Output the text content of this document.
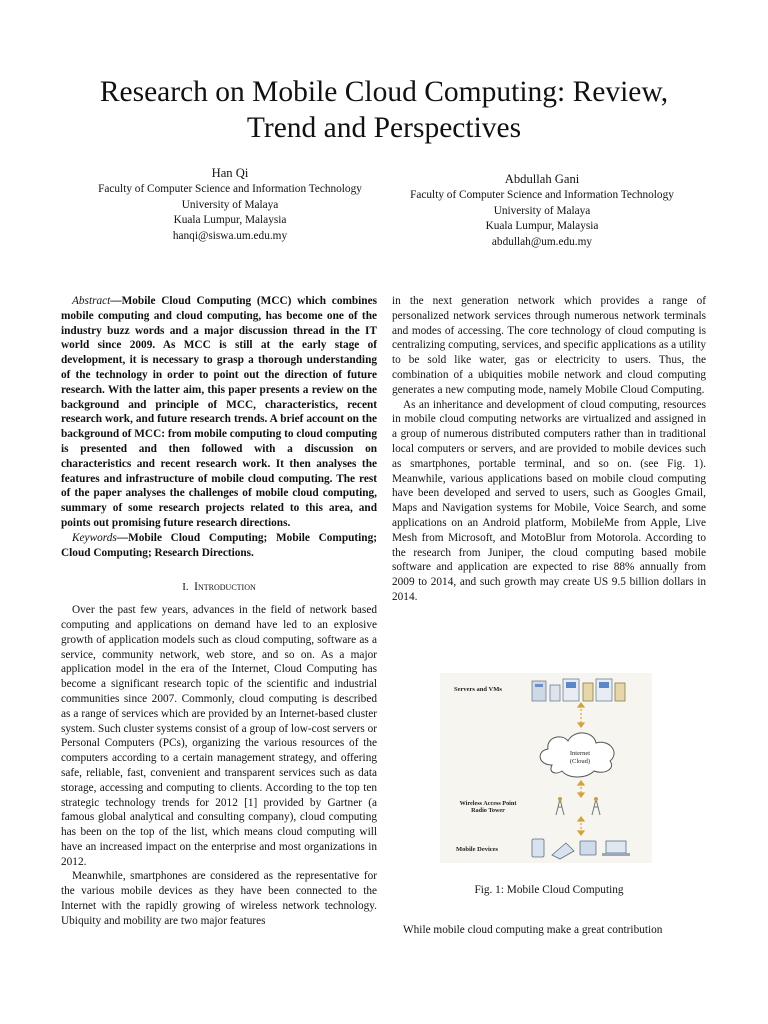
Research on Mobile Cloud Computing: Review,
Trend and Perspectives
Han Qi
Faculty of Computer Science and Information Technology
University of Malaya
Kuala Lumpur, Malaysia
hanqi@siswa.um.edu.my
Abdullah Gani
Faculty of Computer Science and Information Technology
University of Malaya
Kuala Lumpur, Malaysia
abdullah@um.edu.my

Abstract—Mobile Cloud Computing (MCC) which combines mobile computing and cloud computing, has become one of the industry buzz words and a major discussion thread in the IT world since 2009. As MCC is still at the early stage of development, it is necessary to grasp a thorough understanding of the technology in order to point out the direction of future research. With the latter aim, this paper presents a review on the background and principle of MCC, characteristics, recent research work, and future research trends. A brief account on the background of MCC: from mobile computing to cloud computing is presented and then followed with a discussion on characteristics and recent research work. It then analyses the features and infrastructure of mobile cloud computing. The rest of the paper analyses the challenges of mobile cloud computing, summary of some research projects related to this area, and points out promising future research directions.

Keywords—Mobile Cloud Computing; Mobile Computing; Cloud Computing; Research Directions.

I. Introduction

Over the past few years, advances in the field of network based computing and applications on demand have led to an explosive growth of application models such as cloud computing, software as a service, community network, web store, and so on. As a major application model in the era of the Internet, Cloud Computing has become a significant research topic of the scientific and industrial communities since 2007. Commonly, cloud computing is described as a range of services which are provided by an Internet-based cluster system. Such cluster systems consist of a group of low-cost servers or Personal Computers (PCs), organizing the various resources of the computers according to a certain management strategy, and offering safe, reliable, fast, convenient and transparent services such as data storage, accessing and computing to clients. According to the top ten strategic technology trends for 2012 [1] provided by Gartner (a famous global analytical and consulting company), cloud computing has been on the top of the list, which means cloud computing will have an increased impact on the enterprise and most organizations in 2012.

Meanwhile, smartphones are considered as the representative for the various mobile devices as they have been connected to the Internet with the rapidly growing of wireless network technology. Ubiquity and mobility are two major features

in the next generation network which provides a range of personalized network services through numerous network terminals and modes of accessing. The core technology of cloud computing is centralizing computing, services, and specific applications as a utility to be sold like water, gas or electricity to users. Thus, the combination of a ubiquities mobile network and cloud computing generates a new computing mode, namely Mobile Cloud Computing.

As an inheritance and development of cloud computing, resources in mobile cloud computing networks are virtualized and assigned in a group of numerous distributed computers rather than in traditional local computers or servers, and are provided to mobile devices such as smartphones, portable terminal, and so on. (see Fig. 1). Meanwhile, various applications based on mobile cloud computing have been developed and served to users, such as Googles Gmail, Maps and Navigation systems for Mobile, Voice Search, and some applications on an Android platform, MobileMe from Apple, Live Mesh from Microsoft, and MotoBlur from Motorola. According to the research from Juniper, the cloud computing based mobile software and application are expected to rise 88% annually from 2009 to 2014, and such growth may create US 9.5 billion dollars in 2014.

Servers and VMs
Internet
(Cloud)
Wireless Access Point
Radio Tower
Mobile Devices
Fig. 1: Mobile Cloud Computing
While mobile cloud computing make a great contribution
